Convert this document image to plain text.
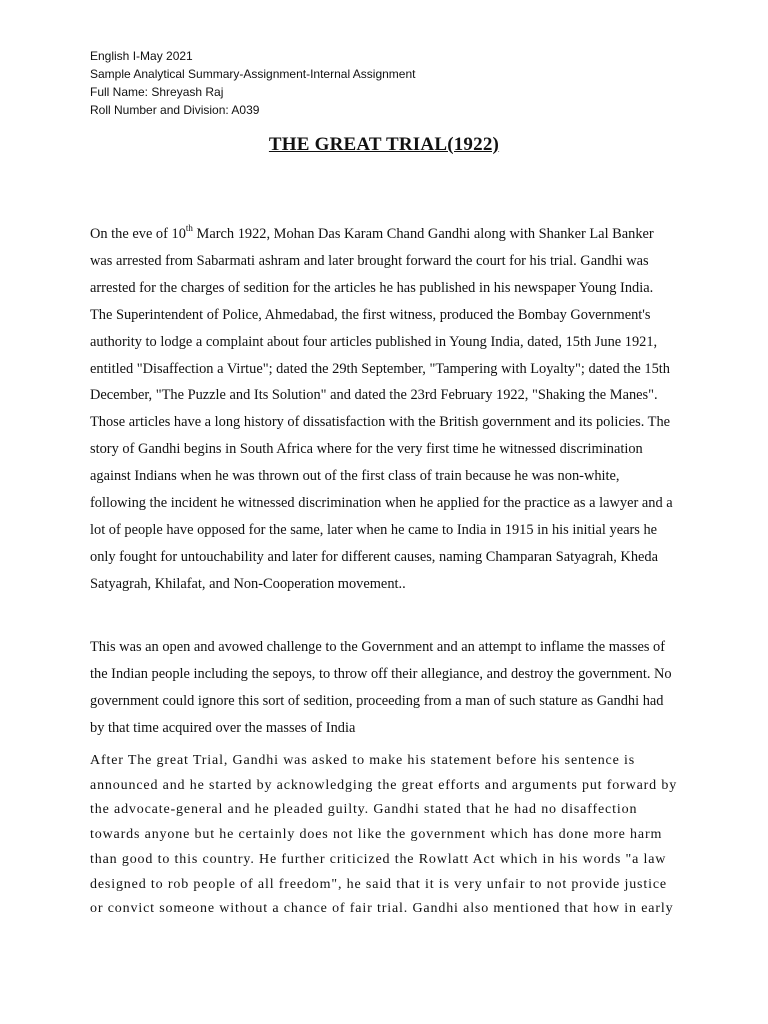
English I-May 2021
Sample Analytical Summary-Assignment-Internal Assignment
Full Name: Shreyash Raj
Roll Number and Division: A039
THE GREAT TRIAL(1922)
On the eve of 10th March 1922, Mohan Das Karam Chand Gandhi along with Shanker Lal Banker was arrested from Sabarmati ashram and later brought forward the court for his trial. Gandhi was arrested for the charges of sedition for the articles he has published in his newspaper Young India. The Superintendent of Police, Ahmedabad, the first witness, produced the Bombay Government's authority to lodge a complaint about four articles published in Young India, dated, 15th June 1921, entitled "Disaffection a Virtue"; dated the 29th September, "Tampering with Loyalty"; dated the 15th December, "The Puzzle and Its Solution" and dated the 23rd February 1922, "Shaking the Manes". Those articles have a long history of dissatisfaction with the British government and its policies. The story of Gandhi begins in South Africa where for the very first time he witnessed discrimination against Indians when he was thrown out of the first class of train because he was non-white, following the incident he witnessed discrimination when he applied for the practice as a lawyer and a lot of people have opposed for the same, later when he came to India in 1915 in his initial years he only fought for untouchability and later for different causes, naming Champaran Satyagrah, Kheda Satyagrah, Khilafat, and Non-Cooperation movement..
This was an open and avowed challenge to the Government and an attempt to inflame the masses of the Indian people including the sepoys, to throw off their allegiance, and destroy the government. No government could ignore this sort of sedition, proceeding from a man of such stature as Gandhi had by that time acquired over the masses of India
After The great Trial, Gandhi was asked to make his statement before his sentence is announced and he started by acknowledging the great efforts and arguments put forward by the advocate-general and he pleaded guilty. Gandhi stated that he had no disaffection towards anyone but he certainly does not like the government which has done more harm than good to this country. He further criticized the Rowlatt Act which in his words "a law designed to rob people of all freedom", he said that it is very unfair to not provide justice or convict someone without a chance of fair trial. Gandhi also mentioned that how in early
